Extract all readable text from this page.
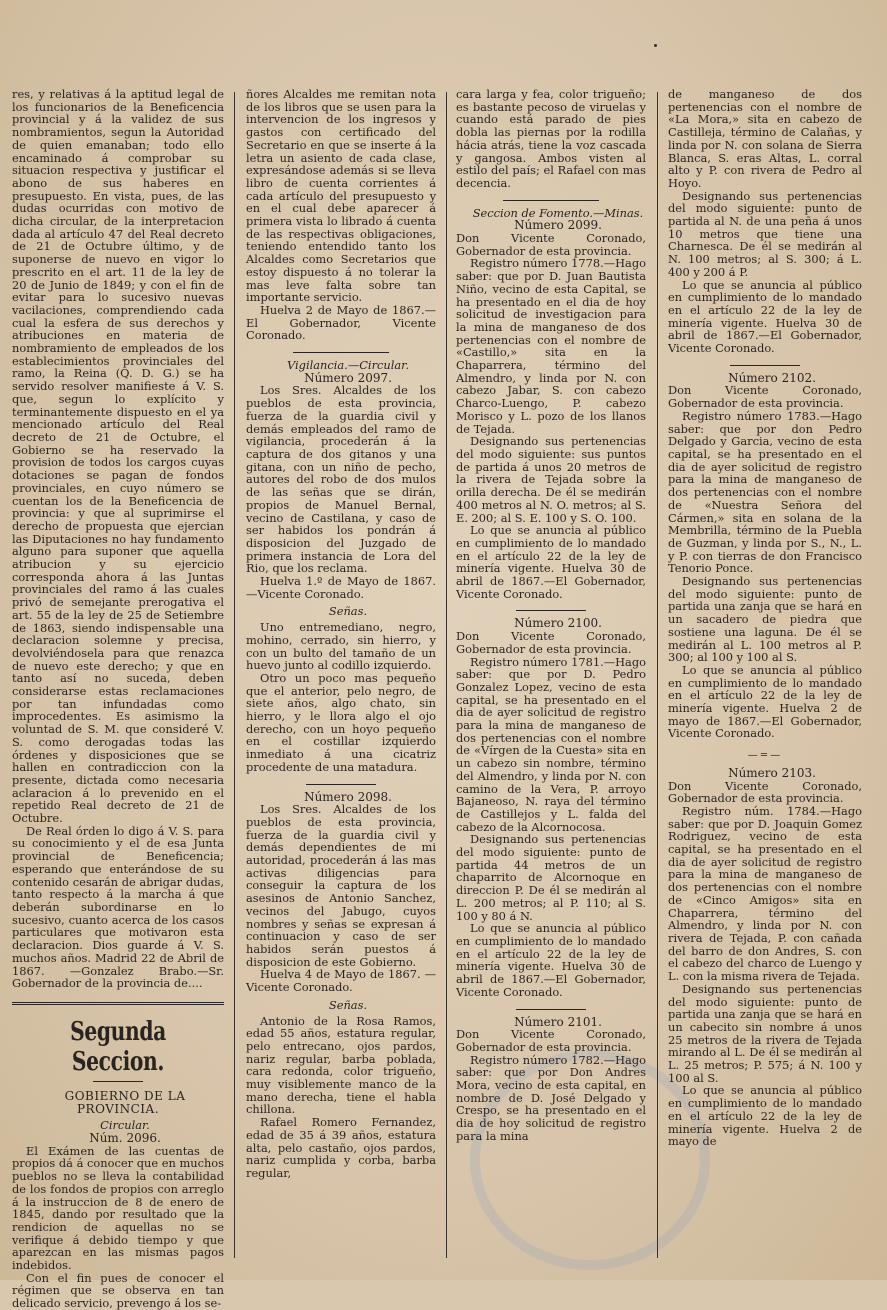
res, y relativas á la aptitud legal de los funcionarios de la Beneficencia provincial y á la validez de sus nombramientos, segun la Autoridad de quien emanaban; todo ello encaminado á comprobar su situacion respectiva y justificar el abono de sus haberes en presupuesto. En vista, pues, de las dudas ocurridas con motivo de dicha circular, de la interpretacion dada al artículo 47 del Real decreto de 21 de Octubre último, y de suponerse de nuevo en vigor lo prescrito en el art. 11 de la ley de 20 de Junio de 1849; y con el fin de evitar para lo sucesivo nuevas vacilaciones, comprendiendo cada cual la esfera de sus derechos y atribuciones en materia de nombramiento de empleados de los establecimientos provinciales del ramo, la Reina (Q. D. G.) se ha servido resolver manifieste á V. S. que, segun lo explícito y terminantemente dispuesto en el ya mencionado artículo del Real decreto de 21 de Octubre, el Gobierno se ha reservado la provision de todos los cargos cuyas dotaciones se pagan de fondos provinciales, en cuyo número se cuentan los de la Beneficencia de provincia: y que al suprimirse el derecho de propuesta que ejercian las Diputaciones no hay fundamento alguno para suponer que aquella atribucion y su ejercicio corresponda ahora á las Juntas provinciales del ramo á las cuales privó de semejante prerogativa el art. 55 de la ley de 25 de Setiembre de 1863, siendo indispensable una declaracion solemne y precisa, devolviéndosela para que renazca de nuevo este derecho; y que en tanto así no suceda, deben considerarse estas reclamaciones por tan infundadas como improcedentes. Es asimismo la voluntad de S. M. que consideré V. S. como derogadas todas las órdenes y disposiciones que se hallen en contradiccion con la presente, dictada como necesaria aclaracion á lo prevenido en el repetido Real decreto de 21 de Octubre.

De Real órden lo digo á V. S. para su conocimiento y el de esa Junta provincial de Beneficencia; esperando que enterándose de su contenido cesarán de abrigar dudas, tanto respecto á la marcha á que deberán subordinarse en lo sucesivo, cuanto acerca de los casos particulares que motivaron esta declaracion. Dios guarde á V. S. muchos años. Madrid 22 de Abril de 1867. —Gonzalez Brabo.—Sr. Gobernador de la provincia de....

Segunda Seccion.

GOBIERNO DE LA PROVINCIA.

Circular.

Núm. 2096.

El Exámen de las cuentas de propios dá á conocer que en muchos pueblos no se lleva la contabilidad de los fondos de propios con arreglo á la instruccion de 8 de enero de 1845, dando por resultado que la rendicion de aquellas no se verifique á debido tiempo y que aparezcan en las mismas pagos indebidos.

Con el fin pues de conocer el régimen que se observa en tan delicado servicio, prevengo á los se-

ñores Alcaldes me remitan nota de los libros que se usen para la intervencion de los ingresos y gastos con certificado del Secretario en que se inserte á la letra un asiento de cada clase, expresándose además si se lleva libro de cuenta corrientes á cada artículo del presupuesto y en el cual debe aparecer á primera vista lo librado á cuenta de las respectivas obligaciones, teniendo entendido tanto los Alcaldes como Secretarios que estoy dispuesto á no tolerar la mas leve falta sobre tan importante servicio.

Huelva 2 de Mayo de 1867.—El Gobernador, Vicente Coronado.

Vigilancia.—Circular.

Número 2097.

Los Sres. Alcaldes de los pueblos de esta provincia, fuerza de la guardia civil y demás empleados del ramo de vigilancia, procederán á la captura de dos gitanos y una gitana, con un niño de pecho, autores del robo de dos mulos de las señas que se dirán, propios de Manuel Bernal, vecino de Castilana, y caso de ser habidos los pondrán á disposicion del Juzgado de primera instancia de Lora del Rio, que los reclama.

Huelva 1.º de Mayo de 1867. —Vicente Coronado.

Señas.

Uno entremediano, negro, mohino, cerrado, sin hierro, y con un bulto del tamaño de un huevo junto al codillo izquierdo.

Otro un poco mas pequeño que el anterior, pelo negro, de siete años, algo chato, sin hierro, y le llora algo el ojo derecho, con un hoyo pequeño en el costillar izquierdo inmediato á una cicatriz procedente de una matadura.

Número 2098.

Los Sres. Alcaldes de los pueblos de esta provincia, fuerza de la guardia civil y demás dependientes de mi autoridad, procederán á las mas activas diligencias para conseguir la captura de los asesinos de Antonio Sanchez, vecinos del Jabugo, cuyos nombres y señas se expresan á continuacion y caso de ser habidos serán puestos á disposicion de este Gobierno.

Huelva 4 de Mayo de 1867. —Vicente Coronado.

Señas.

Antonio de la Rosa Ramos, edad 55 años, estatura regular, pelo entrecano, ojos pardos, nariz regular, barba poblada, cara redonda, color trigueño, muy visiblemente manco de la mano derecha, tiene el habla chillona.

Rafael Romero Fernandez, edad de 35 á 39 años, estatura alta, pelo castaño, ojos pardos, nariz cumplida y corba, barba regular,

cara larga y fea, color trigueño; es bastante pecoso de viruelas y cuando está parado de pies dobla las piernas por la rodilla hácia atrás, tiene la voz cascada y gangosa. Ambos visten al estilo del país; el Rafael con mas decencia.

Seccion de Fomento.—Minas.

Número 2099.

Don Vicente Coronado, Gobernador de esta provincia.

Registro número 1778.—Hago saber: que por D. Juan Bautista Niño, vecino de esta Capital, se ha presentado en el dia de hoy solicitud de investigacion para la mina de manganeso de dos pertenencias con el nombre de «Castillo,» sita en la Chaparrera, término del Almendro, y linda por N. con cabezo Jabar, S. con cabezo Charco-Luengo, P. cabezo Morisco y L. pozo de los llanos de Tejada.

Designando sus pertenencias del modo siguiente: sus puntos de partida á unos 20 metros de la rivera de Tejada sobre la orilla derecha. De él se medirán 400 metros al N. O. metros; al S. E. 200; al S. E. 100 y S. O. 100.

Lo que se anuncia al público en cumplimiento de lo mandado en el artículo 22 de la ley de minería vigente. Huelva 30 de abril de 1867.—El Gobernador, Vicente Coronado.

Número 2100.

Don Vicente Coronado, Gobernador de esta provincia.

Registro número 1781.—Hago saber: que por D. Pedro Gonzalez Lopez, vecino de esta capital, se ha presentado en el dia de ayer solicitud de registro para la mina de manganeso de dos pertenencias con el nombre de «Vírgen de la Cuesta» sita en un cabezo sin nombre, término del Almendro, y linda por N. con camino de la Vera, P. arroyo Bajaneoso, N. raya del término de Castillejos y L. falda del cabezo de la Alcornocosa.

Designando sus pertenencias del modo siguiente: punto de partida 44 metros de un chaparrito de Alcornoque en direccion P. De él se medirán al L. 200 metros; al P. 110; al S. 100 y 80 á N.

Lo que se anuncia al público en cumplimiento de lo mandado en el artículo 22 de la ley de minería vigente. Huelva 30 de abril de 1867.—El Gobernador, Vicente Coronado.

Número 2101.

Don Vicente Coronado, Gobernador de esta provincia.

Registro número 1782.—Hago saber: que por Don Andres Mora, vecino de esta capital, en nombre de D. José Delgado y Crespo, se ha presentado en el dia de hoy solicitud de registro para la mina

de manganeso de dos pertenencias con el nombre de «La Mora,» sita en cabezo de Castilleja, término de Calañas, y linda por N. con solana de Sierra Blanca, S. eras Altas, L. corral alto y P. con rivera de Pedro al Hoyo.

Designando sus pertenencias del modo siguiente: punto de partida al N. de una peña á unos 10 metros que tiene una Charnesca. De él se medirán al N. 100 metros; al S. 300; á L. 400 y 200 á P.

Lo que se anuncia al público en cumplimiento de lo mandado en el artículo 22 de la ley de minería vigente. Huelva 30 de abril de 1867.—El Gobernador, Vicente Coronado.

Número 2102.

Don Vicente Coronado, Gobernador de esta provincia.

Registro número 1783.—Hago saber: que por don Pedro Delgado y Garcia, vecino de esta capital, se ha presentado en el dia de ayer solicitud de registro para la mina de manganeso de dos pertenencias con el nombre de «Nuestra Señora del Cármen,» sita en solana de la Membrilla, término de la Puebla de Guzman, y linda por S., N., L. y P. con tierras de don Francisco Tenorio Ponce.

Designando sus pertenencias del modo siguiente: punto de partida una zanja que se hará en un sacadero de piedra que sostiene una laguna. De él se medirán al L. 100 metros al P. 300; al 100 y 100 al S.

Lo que se anuncia al público en cumplimiento de lo mandado en el artículo 22 de la ley de minería vigente. Huelva 2 de mayo de 1867.—El Gobernador, Vicente Coronado.

—=—

Número 2103.

Don Vicente Coronado, Gobernador de esta provincia.

Registro núm. 1784.—Hago saber: que por D. Joaquin Gomez Rodriguez, vecino de esta capital, se ha presentado en el dia de ayer solicitud de registro para la mina de manganeso de dos pertenencias con el nombre de «Cinco Amigos» sita en Chaparrera, término del Almendro, y linda por N. con rivera de Tejada, P. con cañada del barro de don Andres, S. con el cabezo del charco de Luengo y L. con la misma rivera de Tejada.

Designando sus pertenencias del modo siguiente: punto de partida una zanja que se hará en un cabecito sin nombre á unos 25 metros de la rivera de Tejada mirando al L. De él se medirán al L. 25 metros; P. 575; á N. 100 y 100 al S.

Lo que se anuncia al público en cumplimiento de lo mandado en el artículo 22 de la ley de minería vigente. Huelva 2 de mayo de
